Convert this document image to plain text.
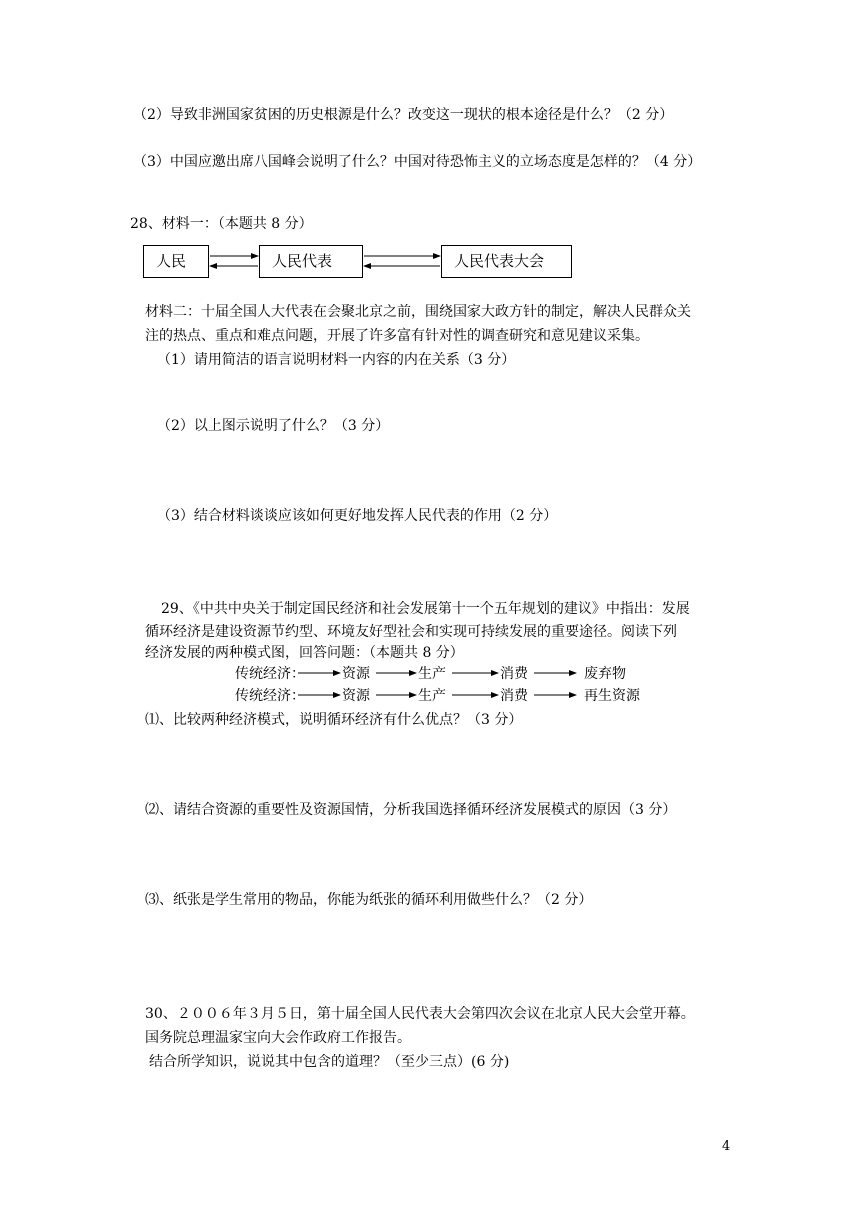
（2）导致非洲国家贫困的历史根源是什么？改变这一现状的根本途径是什么？（2 分）
（3）中国应邀出席八国峰会说明了什么？中国对待恐怖主义的立场态度是怎样的？（4 分）
28、材料一：（本题共 8 分）
人民	人民代表	人民代表大会
材料二：十届全国人大代表在会聚北京之前，围绕国家大政方针的制定，解决人民群众关
注的热点、重点和难点问题，开展了许多富有针对性的调查研究和意见建议采集。
（1）请用简洁的语言说明材料一内容的内在关系（3 分）
（2）以上图示说明了什么？（3 分）
（3）结合材料谈谈应该如何更好地发挥人民代表的作用（2 分）
29、《中共中央关于制定国民经济和社会发展第十一个五年规划的建议》中指出：发展
循环经济是建设资源节约型、环境友好型社会和实现可持续发展的重要途径。阅读下列
经济发展的两种模式图，回答问题：（本题共 8 分）
传统经济：	资源	生产	消费	废弃物
传统经济：	资源	生产	消费	再生资源
⑴、比较两种经济模式，说明循环经济有什么优点？（3 分）
⑵、请结合资源的重要性及资源国情，分析我国选择循环经济发展模式的原因（3 分）
⑶、纸张是学生常用的物品，你能为纸张的循环利用做些什么？（2 分）
30、２００６年３月５日，第十届全国人民代表大会第四次会议在北京人民大会堂开幕。
国务院总理温家宝向大会作政府工作报告。
结合所学知识，说说其中包含的道理？（至少三点）(6 分)
4
